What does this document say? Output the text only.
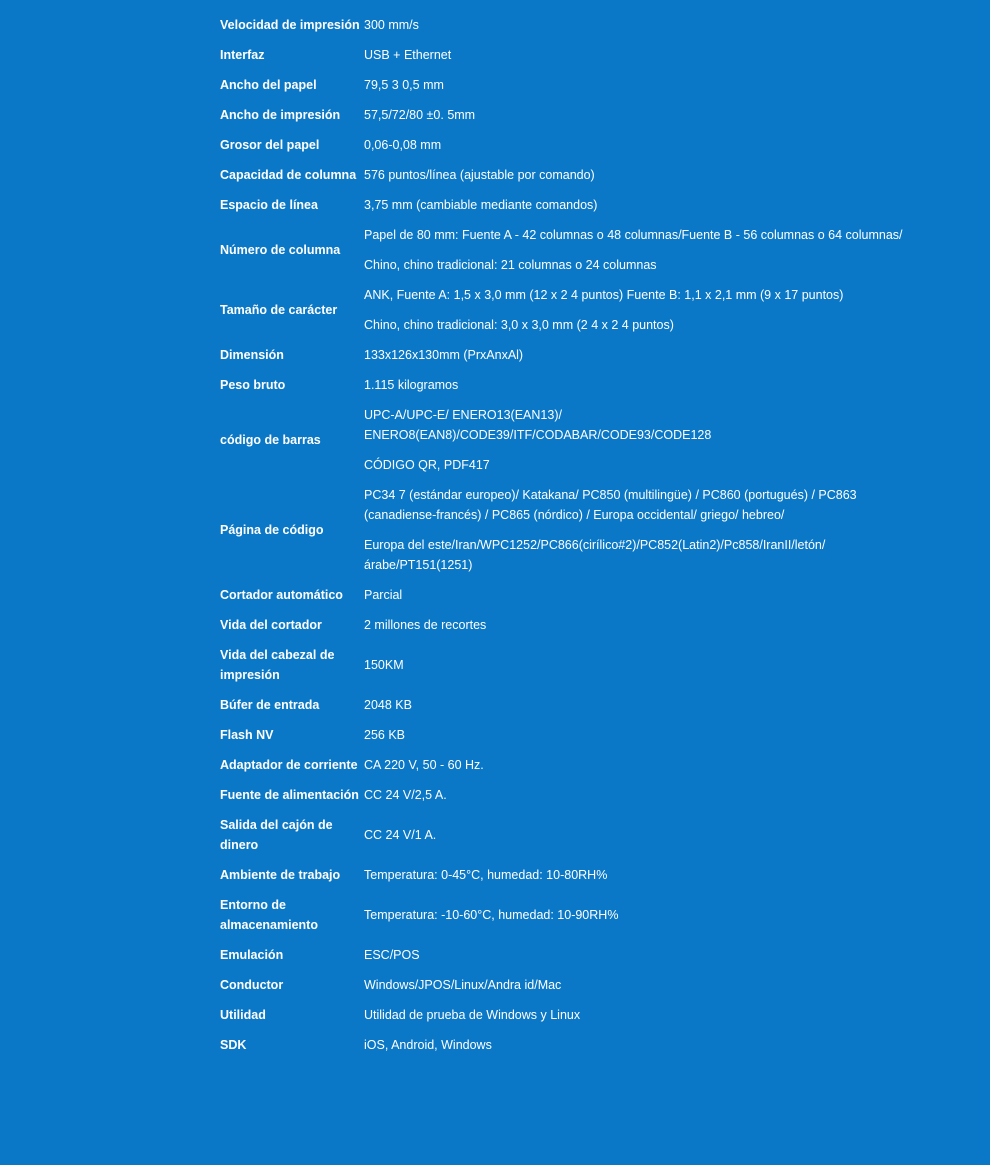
Velocidad de impresión	300 mm/s

Interfaz	USB + Ethernet

Ancho del papel	79,5 3 0,5 mm

Ancho de impresión	57,5/72/80 ±0. 5mm

Grosor del papel	0,06-0,08 mm

Capacidad de columna	576 puntos/línea (ajustable por comando)

Espacio de línea	3,75 mm (cambiable mediante comandos)

Número de columna	Papel de 80 mm: Fuente A - 42 columnas o 48 columnas/Fuente B - 56 columnas o 64 columnas/
Chino, chino tradicional: 21 columnas o 24 columnas

Tamaño de carácter	ANK, Fuente A: 1,5 x 3,0 mm (12 x 2 4 puntos) Fuente B: 1,1 x 2,1 mm (9 x 17 puntos)
Chino, chino tradicional: 3,0 x 3,0 mm (2 4 x 2 4 puntos)

Dimensión	133x126x130mm (PrxAnxAl)

Peso bruto	1.115 kilogramos

código de barras	UPC-A/UPC-E/ ENERO13(EAN13)/ ENERO8(EAN8)/CODE39/ITF/CODABAR/CODE93/CODE128
CÓDIGO QR, PDF417

Página de código	PC34 7 (estándar europeo)/ Katakana/ PC850 (multilingüe) / PC860 (portugués) / PC863 (canadiense-francés) / PC865 (nórdico) / Europa occidental/ griego/ hebreo/
Europa del este/Iran/WPC1252/PC866(cirílico#2)/PC852(Latin2)/Pc858/IranII/letón/ árabe/PT151(1251)

Cortador automático	Parcial

Vida del cortador	2 millones de recortes

Vida del cabezal de impresión	150KM

Búfer de entrada	2048 KB

Flash NV	256 KB

Adaptador de corriente	CA 220 V, 50 - 60 Hz.

Fuente de alimentación	CC 24 V/2,5 A.

Salida del cajón de dinero	CC 24 V/1 A.

Ambiente de trabajo	Temperatura: 0-45°C, humedad: 10-80RH%

Entorno de almacenamiento	Temperatura: -10-60°C, humedad: 10-90RH%

Emulación	ESC/POS

Conductor	Windows/JPOS/Linux/Andra id/Mac

Utilidad	Utilidad de prueba de Windows y Linux

SDK	iOS, Android, Windows
